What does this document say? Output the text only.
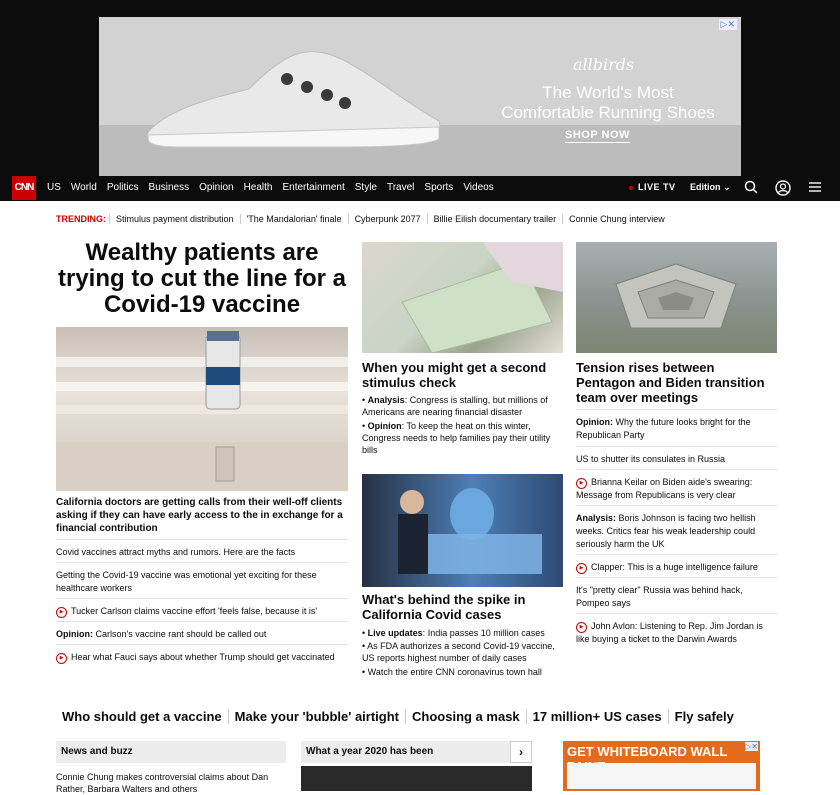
▷✕
allbirds
The World's Most
Comfortable Running Shoes
SHOP NOW
CNN US World Politics Business Opinion Health Entertainment Style Travel Sports Videos	LIVE TV Edition ⌄
TRENDING:	Stimulus payment distribution	'The Mandalorian' finale	Cyberpunk 2077	Billie Eilish documentary trailer	Connie Chung interview
Wealthy patients are trying to cut the line for a Covid-19 vaccine
California doctors are getting calls from their well-off clients asking if they can have early access to the in exchange for a financial contribution
Covid vaccines attract myths and rumors. Here are the facts
Getting the Covid-19 vaccine was emotional yet exciting for these healthcare workers
▶ Tucker Carlson claims vaccine effort 'feels false, because it is'
Opinion: Carlson's vaccine rant should be called out
▶ Hear what Fauci says about whether Trump should get vaccinated
When you might get a second stimulus check
• Analysis: Congress is stalling, but millions of Americans are nearing financial disaster
• Opinion: To keep the heat on this winter, Congress needs to help families pay their utility bills
What's behind the spike in California Covid cases
• Live updates: India passes 10 million cases
• As FDA authorizes a second Covid-19 vaccine, US reports highest number of daily cases
• Watch the entire CNN coronavirus town hall
Tension rises between Pentagon and Biden transition team over meetings
Opinion: Why the future looks bright for the Republican Party
US to shutter its consulates in Russia
▶ Brianna Keilar on Biden aide's swearing: Message from Republicans is very clear
Analysis: Boris Johnson is facing two hellish weeks. Critics fear his weak leadership could seriously harm the UK
▶ Clapper: This is a huge intelligence failure
It's "pretty clear" Russia was behind hack, Pompeo says
▶ John Avlon: Listening to Rep. Jim Jordan is like buying a ticket to the Darwin Awards
Who should get a vaccine	Make your 'bubble' airtight	Choosing a mask	17 million+ US cases	Fly safely
News and buzz
Connie Chung makes controversial claims about Dan Rather, Barbara Walters and others
What a year 2020 has been	›	▷✕
GET WHITEBOARD WALL
